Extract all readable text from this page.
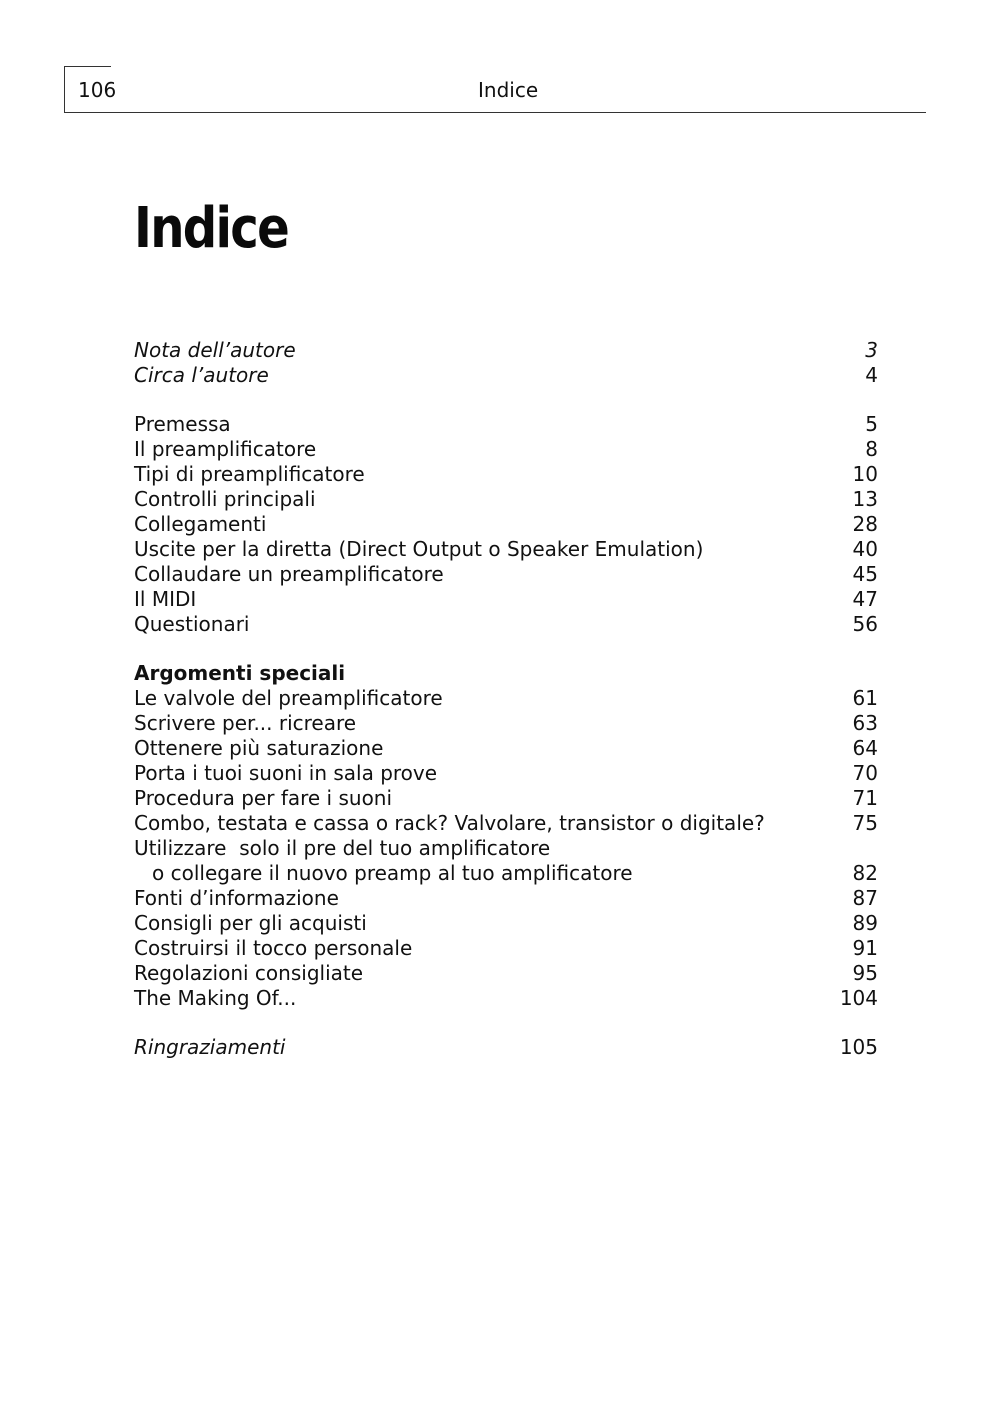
106	Indice
Indice
Nota dell’autore	3
Circa l’autore	4
Premessa	5
Il preamplificatore	8
Tipi di preamplificatore	10
Controlli principali	13
Collegamenti	28
Uscite per la diretta (Direct Output o Speaker Emulation)	40
Collaudare un preamplificatore	45
Il MIDI	47
Questionari	56
Argomenti speciali
Le valvole del preamplificatore	61
Scrivere per... ricreare	63
Ottenere più saturazione	64
Porta i tuoi suoni in sala prove	70
Procedura per fare i suoni	71
Combo, testata e cassa o rack? Valvolare, transistor o digitale?	75
Utilizzare  solo il pre del tuo amplificatore
o collegare il nuovo preamp al tuo amplificatore	82
Fonti d’informazione	87
Consigli per gli acquisti	89
Costruirsi il tocco personale	91
Regolazioni consigliate	95
The Making Of...	104
Ringraziamenti	105
